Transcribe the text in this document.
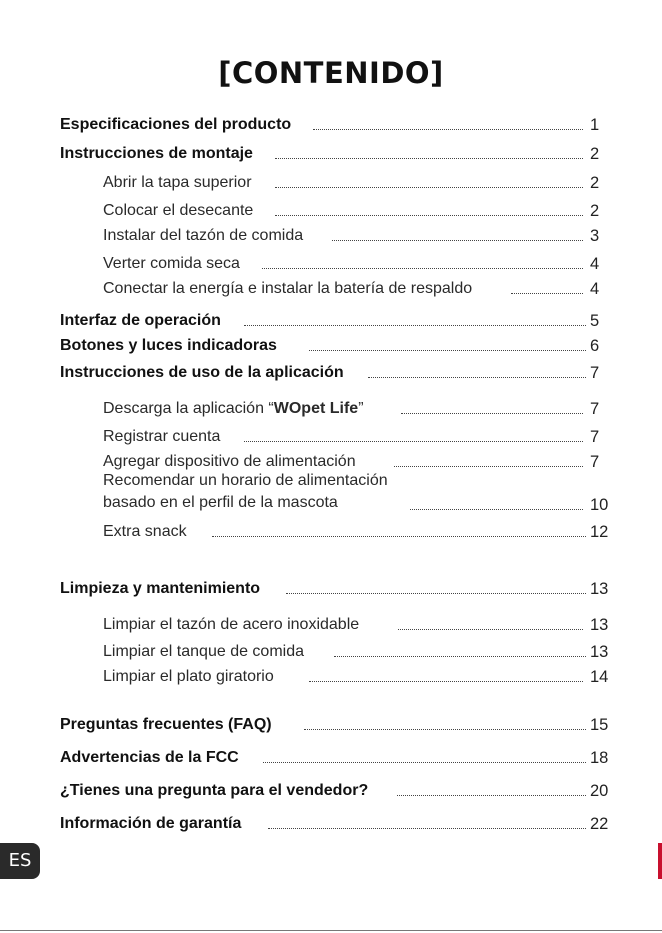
[CONTENIDO]
Especificaciones del producto	1
Instrucciones de montaje	2
Abrir la tapa superior	2
Colocar el desecante	2
Instalar del tazón de comida	3
Verter comida seca	4
Conectar la energía e instalar la batería de respaldo	4
Interfaz de operación	5
Botones y luces indicadoras	6
Instrucciones de uso de la aplicación	7
Descarga la aplicación “WOpet Life”	7
Registrar cuenta	7
Agregar dispositivo de alimentación	7
Recomendar un horario de alimentación
basado en el perfil de la mascota	10
Extra snack	12
Limpieza y mantenimiento	13
Limpiar el tazón de acero inoxidable	13
Limpiar el tanque de comida	13
Limpiar el plato giratorio	14
Preguntas frecuentes (FAQ)	15
Advertencias de la FCC	18
¿Tienes una pregunta para el vendedor?	20
Información de garantía	22
ES
